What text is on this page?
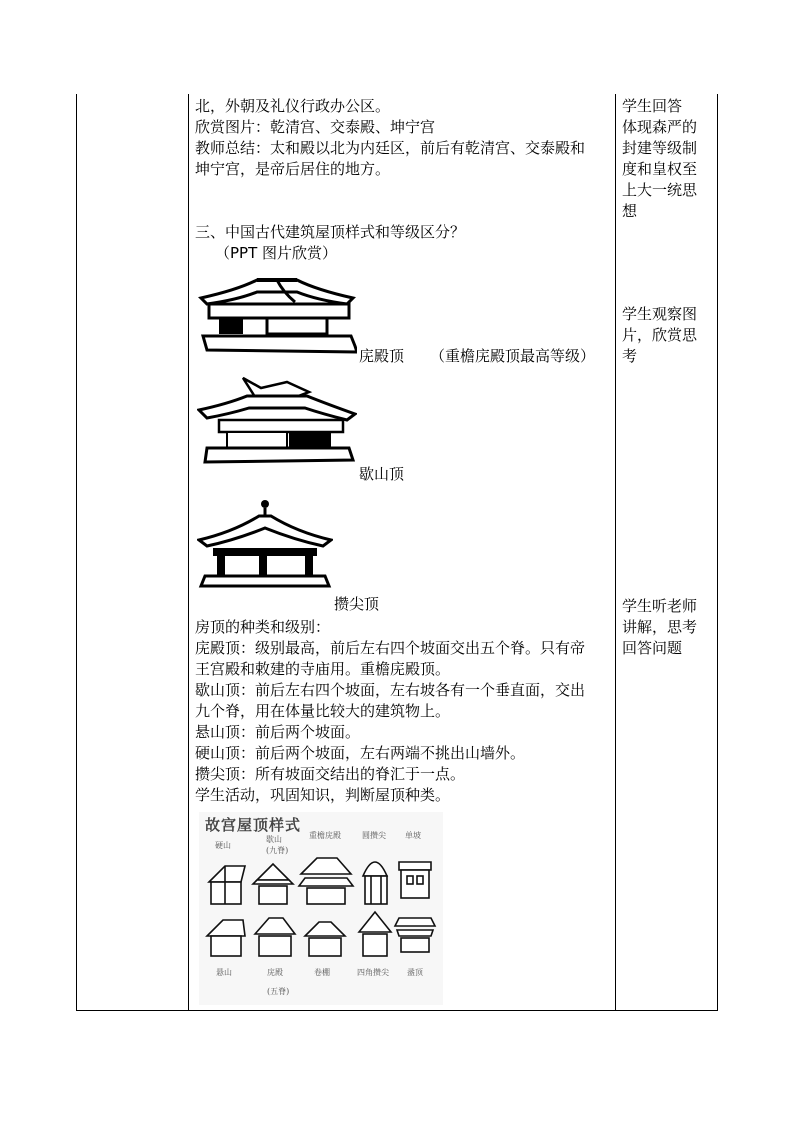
北，外朝及礼仪行政办公区。
欣赏图片：乾清宫、交泰殿、坤宁宫
教师总结：太和殿以北为内廷区，前后有乾清宫、交泰殿和
坤宁宫，是帝后居住的地方。
三、中国古代建筑屋顶样式和等级区分？
（PPT 图片欣赏）
庑殿顶 （重檐庑殿顶最高等级）
歇山顶
攒尖顶
房顶的种类和级别：
庑殿顶：级别最高，前后左右四个坡面交出五个脊。只有帝
王宫殿和敕建的寺庙用。重檐庑殿顶。
歇山顶：前后左右四个坡面，左右坡各有一个垂直面，交出
九个脊，用在体量比较大的建筑物上。
悬山顶：前后两个坡面。
硬山顶：前后两个坡面，左右两端不挑出山墙外。
攒尖顶：所有坡面交结出的脊汇于一点。
学生活动，巩固知识，判断屋顶种类。
故宫屋顶样式
硬山
歇山
(九脊)
重檐庑殿	圆攒尖 单坡
悬山	庑殿
(五脊)
卷棚	四角攒尖 盝顶
学生回答
体现森严的
封建等级制
度和皇权至
上大一统思
想
学生观察图
片，欣赏思
考
学生听老师
讲解，思考
回答问题
